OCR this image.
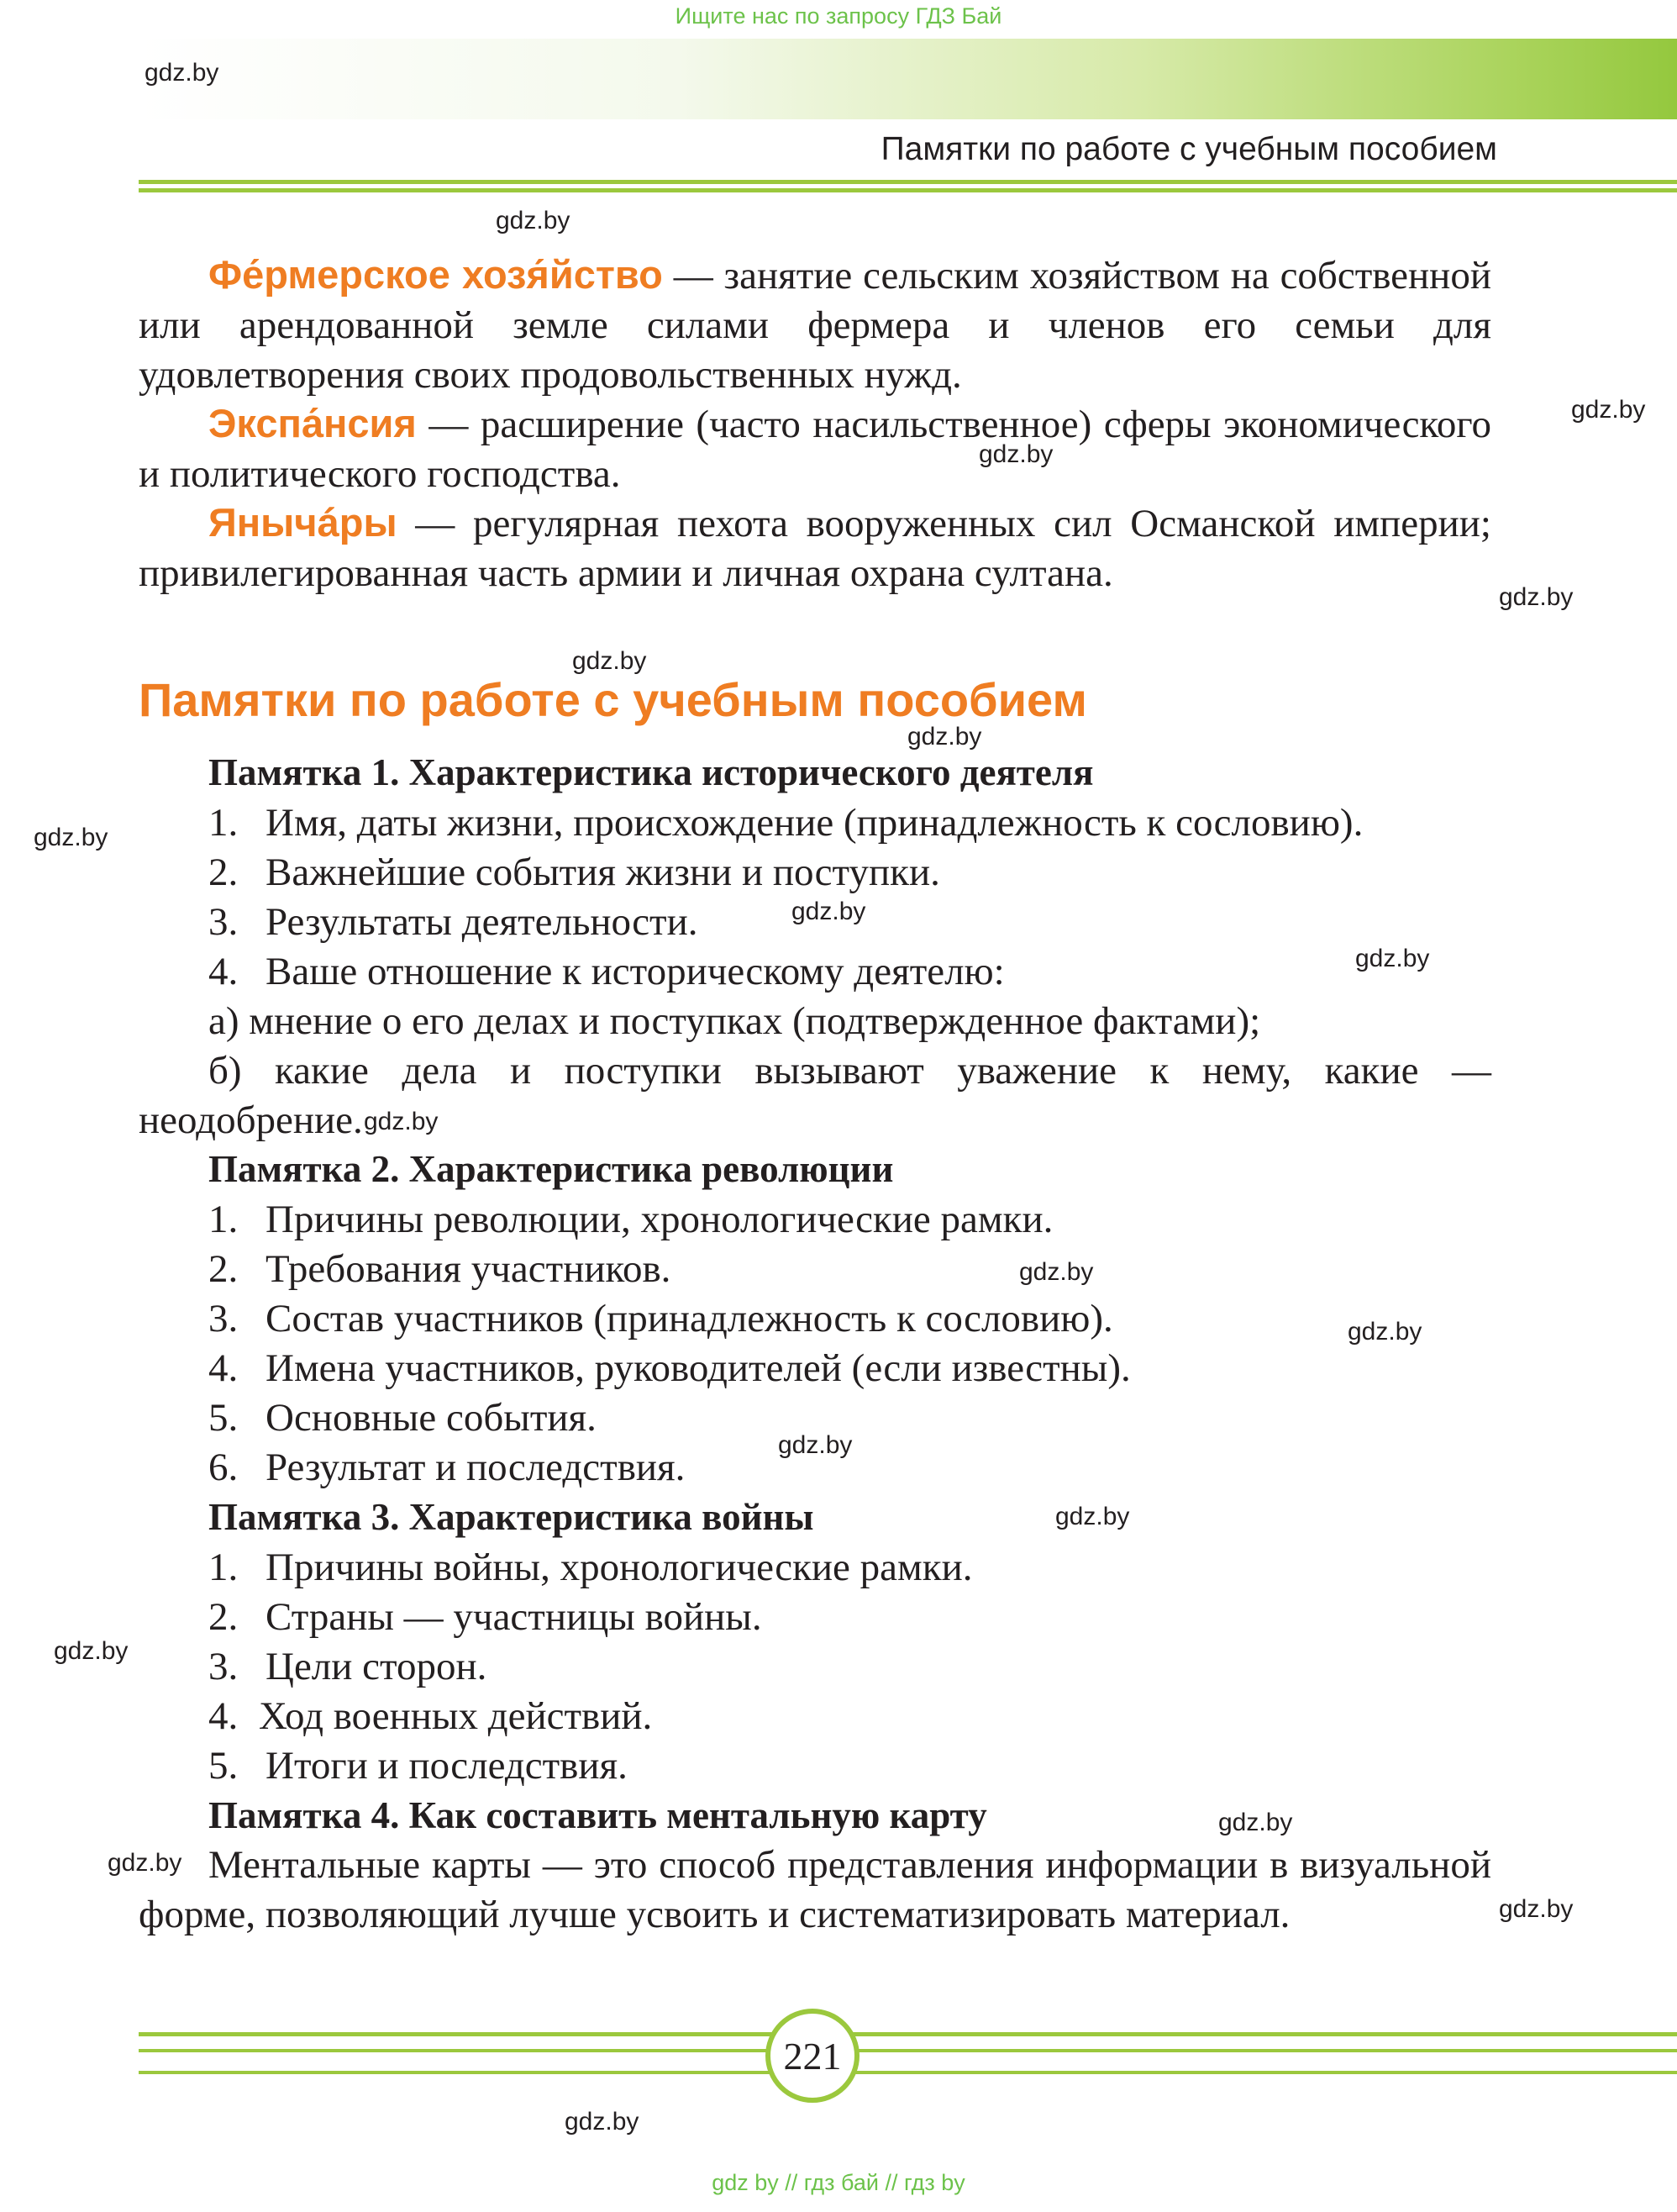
Ищите нас по запросу ГДЗ Бай
gdz.by
Памятки по работе с учебным пособием
Фе́рмерское хозя́йство — занятие сельским хозяйством на собственной или арендованной земле силами фермера и членов его семьи для удовлетворения своих продовольственных нужд.
Экспа́нсия — расширение (часто насильственное) сферы экономического и политического господства.
Янычáры — регулярная пехота вооруженных сил Османской империи; привилегированная часть армии и личная охрана султана.
Памятки по работе с учебным пособием
Памятка 1. Характеристика исторического деятеля
1. Имя, даты жизни, происхождение (принадлежность к сословию).
2. Важнейшие события жизни и поступки.
3. Результаты деятельности.
4. Ваше отношение к историческому деятелю:
а) мнение о его делах и поступках (подтвержденное фактами);
б) какие дела и поступки вызывают уважение к нему, какие — неодобрение.
Памятка 2. Характеристика революции
1. Причины революции, хронологические рамки.
2. Требования участников.
3. Состав участников (принадлежность к сословию).
4. Имена участников, руководителей (если известны).
5. Основные события.
6. Результат и последствия.
Памятка 3. Характеристика войны
1. Причины войны, хронологические рамки.
2. Страны — участницы войны.
3. Цели сторон.
4. Ход военных действий.
5. Итоги и последствия.
Памятка 4. Как составить ментальную карту
Ментальные карты — это способ представления информации в визуальной форме, позволяющий лучше усвоить и систематизировать материал.
221
gdz.by
gdz.by
gdz.by
gdz.by
gdz.by
gdz.by
gdz.by
gdz.by
gdz.by
gdz.by
gdz.by
gdz.by
gdz.by
gdz.by
gdz.by
gdz.by
gdz.by
gdz.by
gdz.by
gdz by // гдз бай // гдз by
